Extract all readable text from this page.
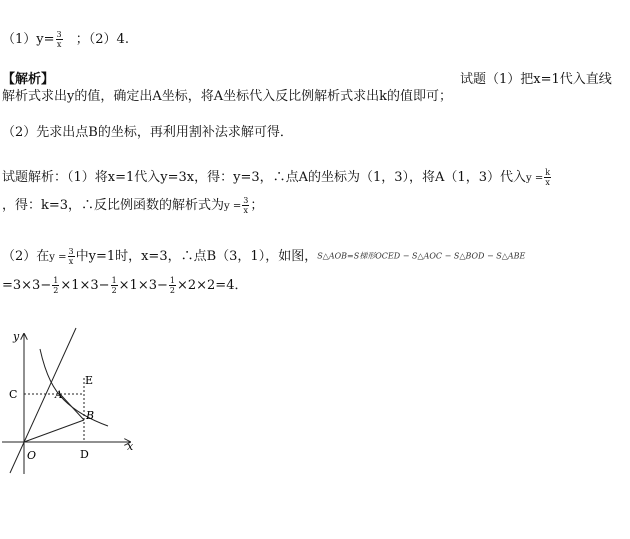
$(1)y= \frac{3}{x}$ ；（2）4.
【解析】	试题（1）把x=1代入直线
解析式求出y的值，确定出A坐标，将A坐标代入反比例解析式求出k的值即可；
（2）先求出点B的坐标，再利用割补法求解可得．
试题解析：（1）将x=1代入y=3x，得：y=3，∴点A的坐标为（1，3），将A（1，3）代入$y = \frac{k}{x}$
，得：k=3，∴反比例函数的解析式为$y = \frac{3}{x}$ ；
（2）在$y = \frac{3}{x}$ 中y=1时，x=3，∴点B（3，1），如图，S△AOB=S梯形OCED − S△AOC − S△BOD − S△ABE
$=3\times 3- \frac{1}{2} \times 1\times 3- \frac{1}{2} \times 1\times 3- \frac{1}{2} \times 2\times 2=4$．
y
x
C
E
A
B
O	D
